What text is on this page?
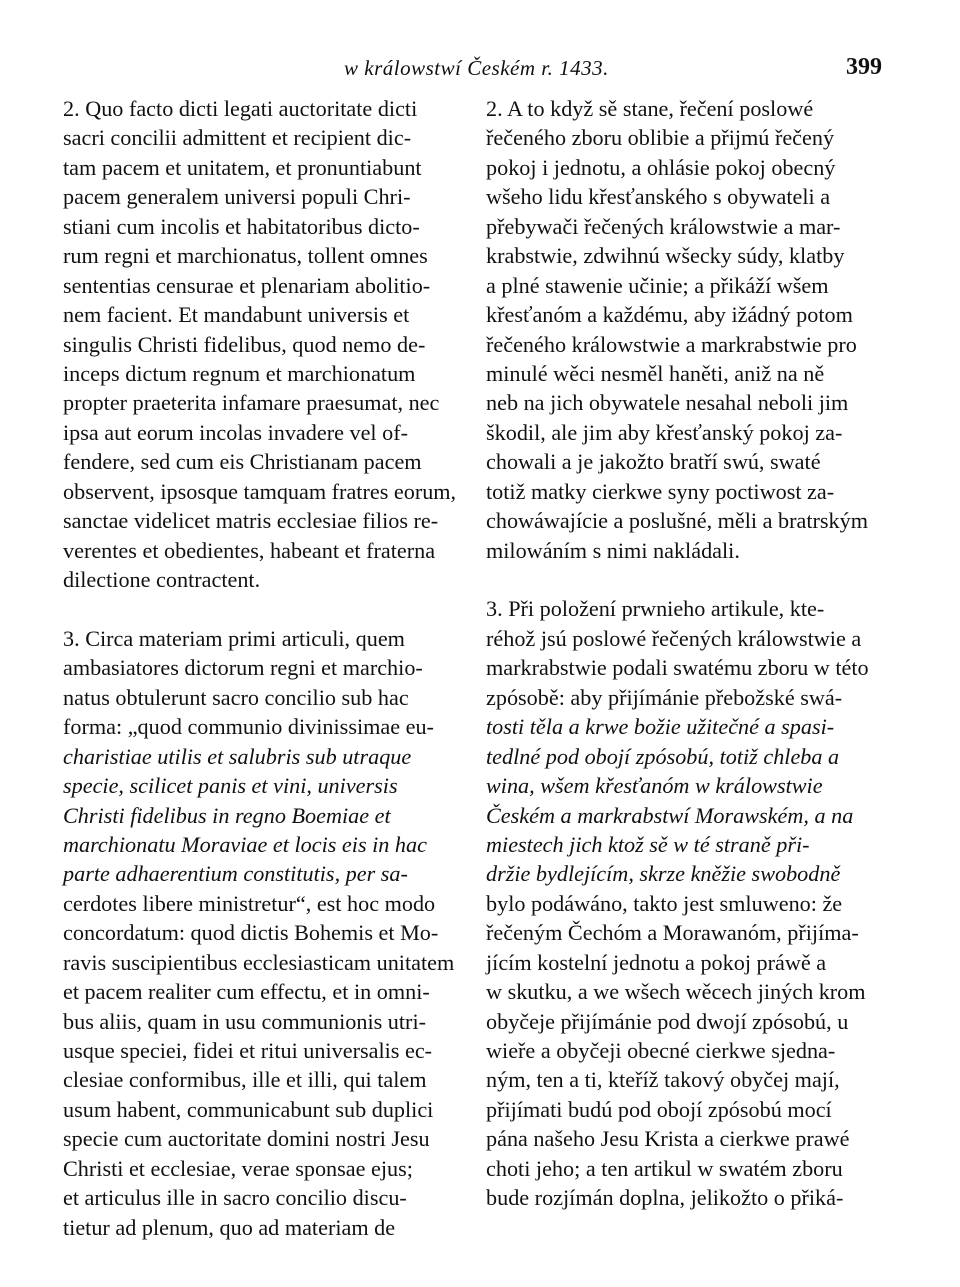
w králowstwí Českém r. 1433.	399
2. Quo facto dicti legati auctoritate dicti
sacri concilii admittent et recipient dic-
tam pacem et unitatem, et pronuntiabunt
pacem generalem universi populi Chri-
stiani cum incolis et habitatoribus dicto-
rum regni et marchionatus, tollent omnes
sententias censurae et plenariam abolitio-
nem facient. Et mandabunt universis et
singulis Christi fidelibus, quod nemo de-
inceps dictum regnum et marchionatum
propter praeterita infamare praesumat, nec
ipsa aut eorum incolas invadere vel of-
fendere, sed cum eis Christianam pacem
observent, ipsosque tamquam fratres eorum,
sanctae videlicet matris ecclesiae filios re-
verentes et obedientes, habeant et fraterna
dilectione contractent.
3. Circa materiam primi articuli, quem
ambasiatores dictorum regni et marchio-
natus obtulerunt sacro concilio sub hac
forma: „quod communio divinissimae eu-
charistiae utilis et salubris sub utraque
specie, scilicet panis et vini, universis
Christi fidelibus in regno Boemiae et
marchionatu Moraviae et locis eis in hac
parte adhaerentium constitutis, per sa-
cerdotes libere ministretur“, est hoc modo
concordatum: quod dictis Bohemis et Mo-
ravis suscipientibus ecclesiasticam unitatem
et pacem realiter cum effectu, et in omni-
bus aliis, quam in usu communionis utri-
usque speciei, fidei et ritui universalis ec-
clesiae conformibus, ille et illi, qui talem
usum habent, communicabunt sub duplici
specie cum auctoritate domini nostri Jesu
Christi et ecclesiae, verae sponsae ejus;
et articulus ille in sacro concilio discu-
tietur ad plenum, quo ad materiam de
2. A to když sě stane, řečení poslowé
řečeného zboru oblibie a přijmú řečený
pokoj i jednotu, a ohlásie pokoj obecný
wšeho lidu křesťanského s obywateli a
přebywači řečených králowstwie a mar-
krabstwie, zdwihnú wšecky súdy, klatby
a plné stawenie učinie; a přikáží wšem
křesťanóm a každému, aby ižádný potom
řečeného králowstwie a markrabstwie pro
minulé wěci nesměl haněti, aniž na ně
neb na jich obywatele nesahal neboli jim
škodil, ale jim aby křesťanský pokoj za-
chowali a je jakožto bratří swú, swaté
totiž matky cierkwe syny poctiwost za-
chowáwajície a poslušné, měli a bratrským
milowáním s nimi nakládali.
3. Při položení prwnieho artikule, kte-
réhož jsú poslowé řečených králowstwie a
markrabstwie podali swatému zboru w této
zpósobě: aby přijímánie přebožské swá-
tosti těla a krwe božie užitečné a spasi-
tedlné pod obojí zpósobú, totiž chleba a
wina, wšem křesťanóm w králowstwie
Českém a markrabstwí Morawském, a na
miestech jich ktož sě w té straně při-
držie bydlejícím, skrze kněžie swobodně
bylo podáwáno, takto jest smluweno: že
řečeným Čechóm a Morawanóm, přijíma-
jícím kostelní jednotu a pokoj práwě a
w skutku, a we wšech wěcech jiných krom
obyčeje přijímánie pod dwojí zpósobú, u
wieře a obyčeji obecné cierkwe sjedna-
ným, ten a ti, kteříž takový obyčej mají,
přijímati budú pod obojí zpósobú mocí
pána našeho Jesu Krista a cierkwe prawé
choti jeho; a ten artikul w swatém zboru
bude rozjímán doplna, jelikožto o přiká-
